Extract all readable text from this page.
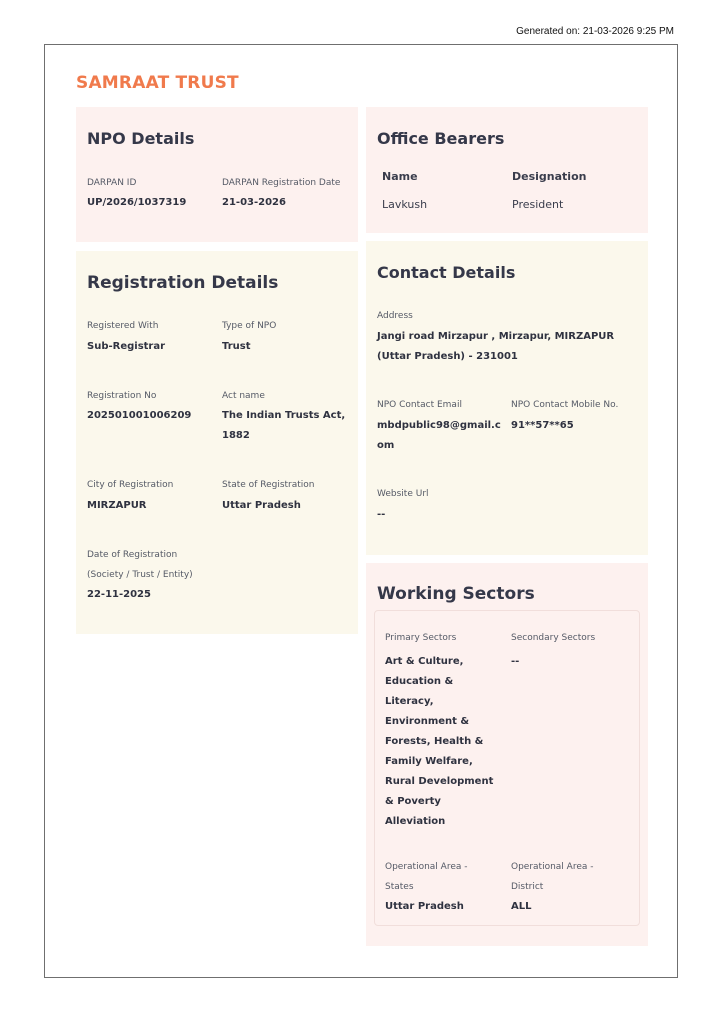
Generated on: 21-03-2026 9:25 PM
SAMRAAT TRUST
NPO Details
DARPAN ID
UP/2026/1037319
DARPAN Registration Date
21-03-2026
Office Bearers
Name	Designation
Lavkush	President
Registration Details
Registered With
Sub-Registrar
Type of NPO
Trust
Registration No
202501001006209
Act name
The Indian Trusts Act, 1882
City of Registration
MIRZAPUR
State of Registration
Uttar Pradesh
Date of Registration (Society / Trust / Entity)
22-11-2025
Contact Details
Address
Jangi road Mirzapur , Mirzapur, MIRZAPUR (Uttar Pradesh) - 231001
NPO Contact Email
mbdpublic98@gmail.com
NPO Contact Mobile No.
91**57**65
Website Url
--
Working Sectors
Primary Sectors
Art & Culture, Education & Literacy, Environment & Forests, Health & Family Welfare, Rural Development & Poverty Alleviation
Secondary Sectors
--
Operational Area - States
Uttar Pradesh
Operational Area - District
ALL
